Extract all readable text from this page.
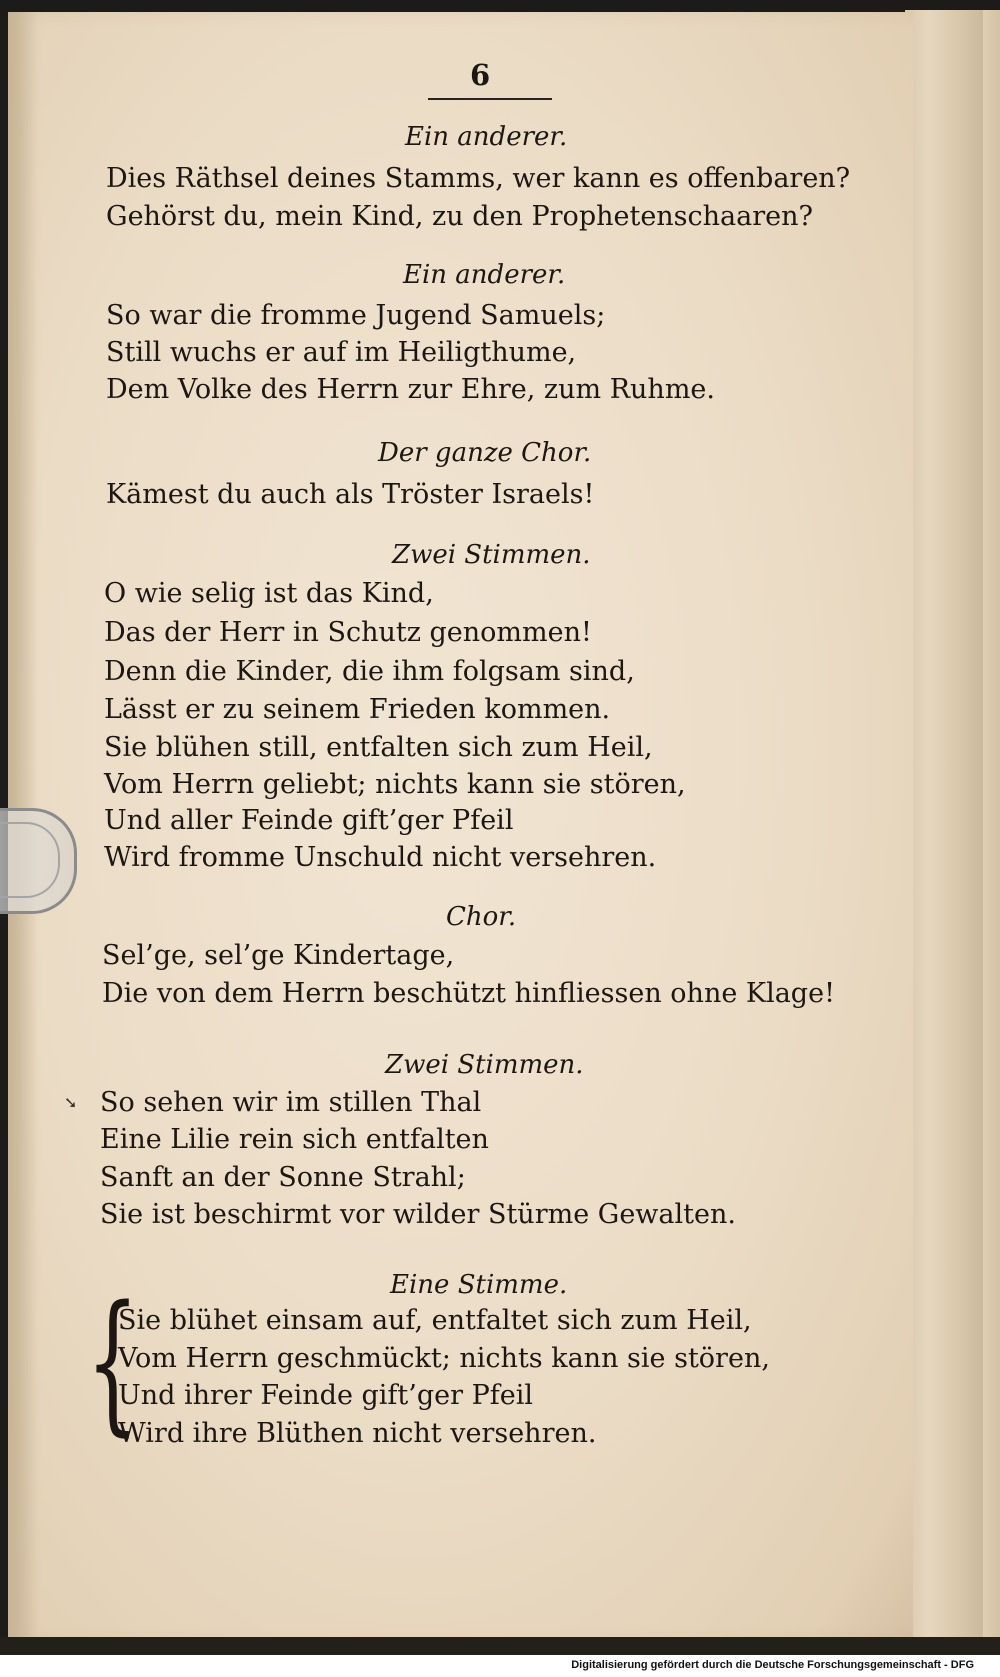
6
Ein anderer.
Dies Räthsel deines Stamms, wer kann es offenbaren?
Gehörst du, mein Kind, zu den Prophetenschaaren?
Ein anderer.
So war die fromme Jugend Samuels;
Still wuchs er auf im Heiligthume,
Dem Volke des Herrn zur Ehre, zum Ruhme.
Der ganze Chor.
Kämest du auch als Tröster Israels!
Zwei Stimmen.
O wie selig ist das Kind,
Das der Herr in Schutz genommen!
Denn die Kinder, die ihm folgsam sind,
Lässt er zu seinem Frieden kommen.
Sie blühen still, entfalten sich zum Heil,
Vom Herrn geliebt; nichts kann sie stören,
Und aller Feinde gift’ger Pfeil
Wird fromme Unschuld nicht versehren.
Chor.
Sel’ge, sel’ge Kindertage,
Die von dem Herrn beschützt hinfliessen ohne Klage!
Zwei Stimmen.
So sehen wir im stillen Thal
Eine Lilie rein sich entfalten
Sanft an der Sonne Strahl;
Sie ist beschirmt vor wilder Stürme Gewalten.
Eine Stimme.
{
Sie blühet einsam auf, entfaltet sich zum Heil,
Vom Herrn geschmückt; nichts kann sie stören,
Und ihrer Feinde gift’ger Pfeil
Wird ihre Blüthen nicht versehren.
➘
Digitalisierung gefördert durch die Deutsche Forschungsgemeinschaft - DFG
